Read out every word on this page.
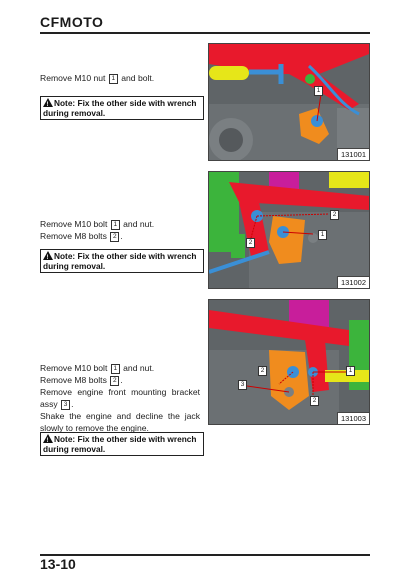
CFMOTO

Remove M10 nut 1 and bolt.

!Note: Fix the other side with wrench during removal.
1
131001

Remove M10 bolt 1 and nut.

Remove M8 bolts 2 .

!Note: Fix the other side with wrench during removal.
1
2
2
131002

Remove M10 bolt 1 and nut.

Remove M8 bolts 2 .

Remove engine front mounting bracket assy 3 .

Shake the engine and decline the jack slowly to remove the engine.

!Note: Fix the other side with wrench during removal.
1
2
2
3
131003
13-10
